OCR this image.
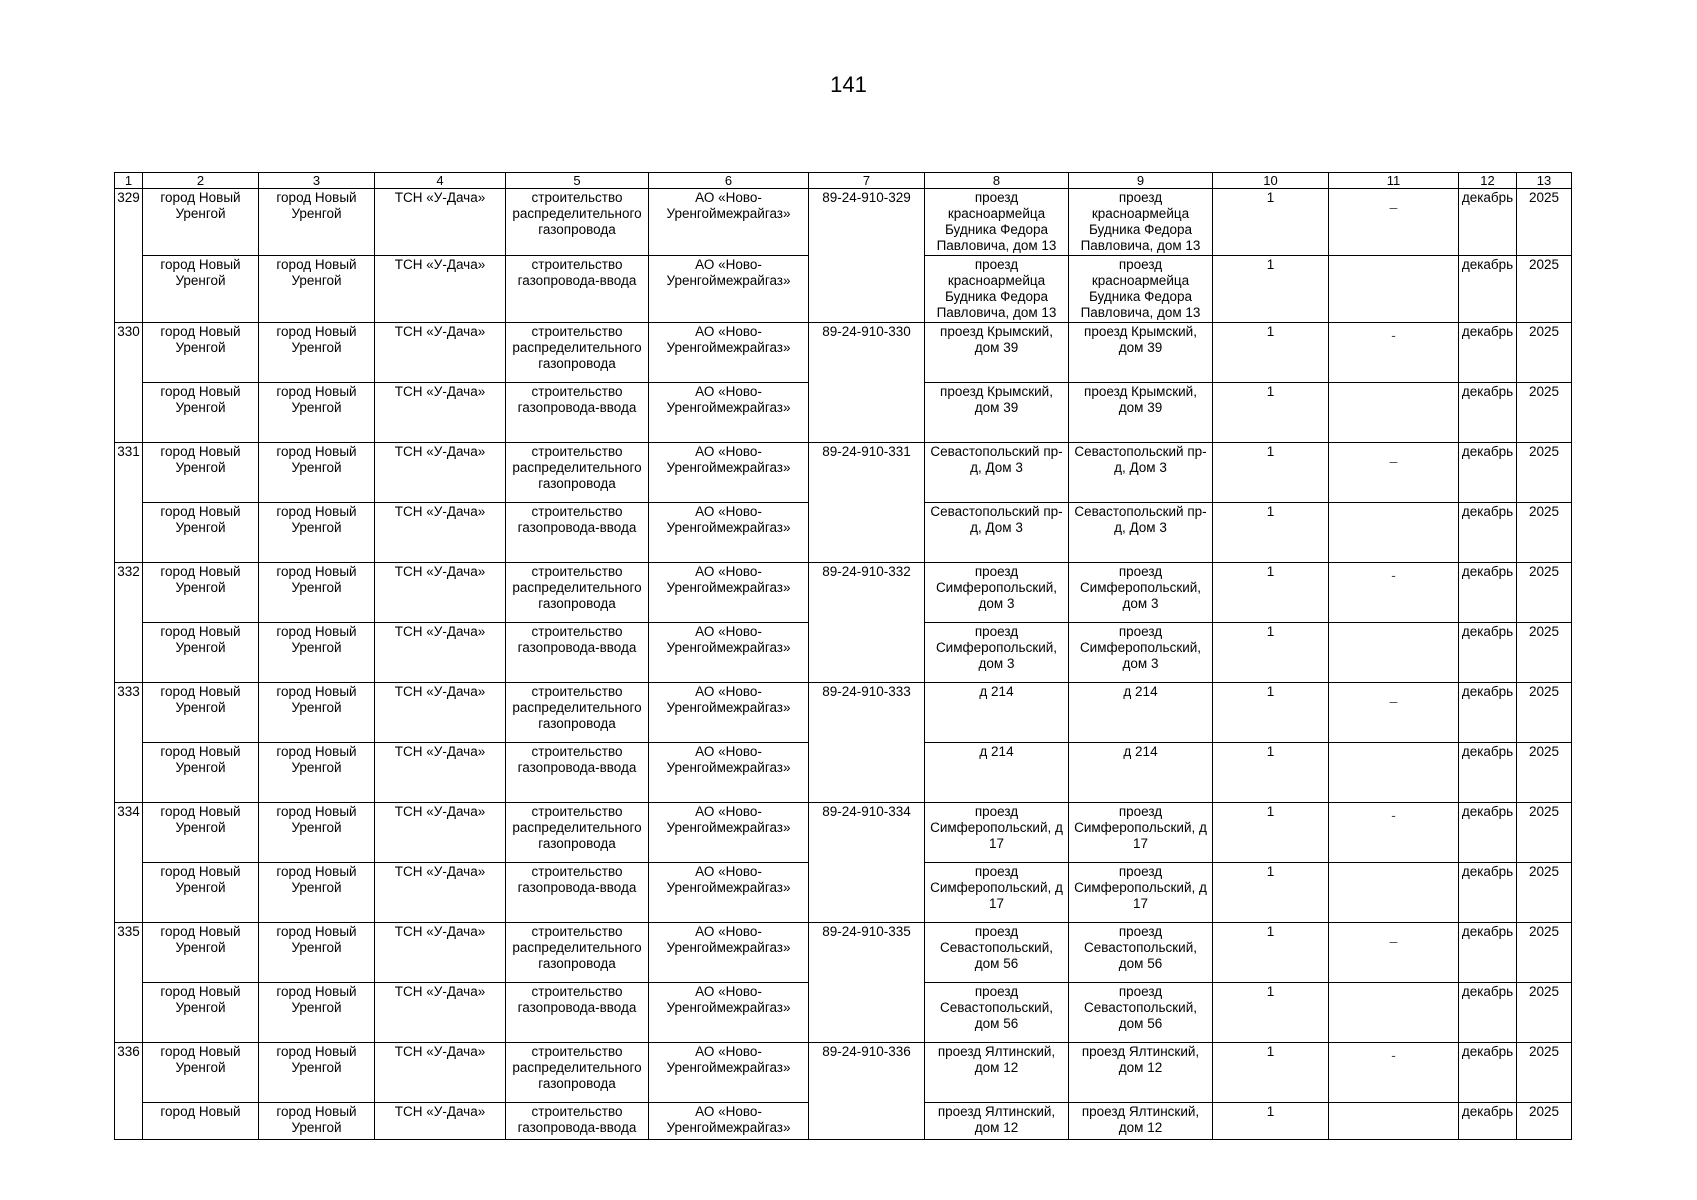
141
1	2	3	4	5	6	7	8	9	10	11	12	13
329	город Новый Уренгой	город Новый Уренгой	ТСН «У-Дача»	строительство распределительного газопровода	АО «Ново-Уренгоймежрайгаз»	89-24-910-329	проезд красноармейца Будника Федора Павловича, дом 13	проезд красноармейца Будника Федора Павловича, дом 13	1	_	декабрь	2025
	город Новый Уренгой	город Новый Уренгой	ТСН «У-Дача»	строительство газопровода-ввода	АО «Ново-Уренгоймежрайгаз»		проезд красноармейца Будника Федора Павловича, дом 13	проезд красноармейца Будника Федора Павловича, дом 13	1		декабрь	2025
330	город Новый Уренгой	город Новый Уренгой	ТСН «У-Дача»	строительство распределительного газопровода	АО «Ново-Уренгоймежрайгаз»	89-24-910-330	проезд Крымский, дом 39	проезд Крымский, дом 39	1	-	декабрь	2025
	город Новый Уренгой	город Новый Уренгой	ТСН «У-Дача»	строительство газопровода-ввода	АО «Ново-Уренгоймежрайгаз»		проезд Крымский, дом 39	проезд Крымский, дом 39	1		декабрь	2025
331	город Новый Уренгой	город Новый Уренгой	ТСН «У-Дача»	строительство распределительного газопровода	АО «Ново-Уренгоймежрайгаз»	89-24-910-331	Севастопольский пр-д, Дом 3	Севастопольский пр-д, Дом 3	1	_	декабрь	2025
	город Новый Уренгой	город Новый Уренгой	ТСН «У-Дача»	строительство газопровода-ввода	АО «Ново-Уренгоймежрайгаз»		Севастопольский пр-д, Дом 3	Севастопольский пр-д, Дом 3	1		декабрь	2025
332	город Новый Уренгой	город Новый Уренгой	ТСН «У-Дача»	строительство распределительного газопровода	АО «Ново-Уренгоймежрайгаз»	89-24-910-332	проезд Симферопольский, дом 3	проезд Симферопольский, дом 3	1	-	декабрь	2025
	город Новый Уренгой	город Новый Уренгой	ТСН «У-Дача»	строительство газопровода-ввода	АО «Ново-Уренгоймежрайгаз»		проезд Симферопольский, дом 3	проезд Симферопольский, дом 3	1		декабрь	2025
333	город Новый Уренгой	город Новый Уренгой	ТСН «У-Дача»	строительство распределительного газопровода	АО «Ново-Уренгоймежрайгаз»	89-24-910-333	д 214	д 214	1	_	декабрь	2025
	город Новый Уренгой	город Новый Уренгой	ТСН «У-Дача»	строительство газопровода-ввода	АО «Ново-Уренгоймежрайгаз»		д 214	д 214	1		декабрь	2025
334	город Новый Уренгой	город Новый Уренгой	ТСН «У-Дача»	строительство распределительного газопровода	АО «Ново-Уренгоймежрайгаз»	89-24-910-334	проезд Симферопольский, д 17	проезд Симферопольский, д 17	1	-	декабрь	2025
	город Новый Уренгой	город Новый Уренгой	ТСН «У-Дача»	строительство газопровода-ввода	АО «Ново-Уренгоймежрайгаз»		проезд Симферопольский, д 17	проезд Симферопольский, д 17	1		декабрь	2025
335	город Новый Уренгой	город Новый Уренгой	ТСН «У-Дача»	строительство распределительного газопровода	АО «Ново-Уренгоймежрайгаз»	89-24-910-335	проезд Севастопольский, дом 56	проезд Севастопольский, дом 56	1	_	декабрь	2025
	город Новый Уренгой	город Новый Уренгой	ТСН «У-Дача»	строительство газопровода-ввода	АО «Ново-Уренгоймежрайгаз»		проезд Севастопольский, дом 56	проезд Севастопольский, дом 56	1		декабрь	2025
336	город Новый Уренгой	город Новый Уренгой	ТСН «У-Дача»	строительство распределительного газопровода	АО «Ново-Уренгоймежрайгаз»	89-24-910-336	проезд Ялтинский, дом 12	проезд Ялтинский, дом 12	1	-	декабрь	2025
	город Новый	город Новый Уренгой	ТСН «У-Дача»	строительство газопровода-ввода	АО «Ново-Уренгоймежрайгаз»		проезд Ялтинский, дом 12	проезд Ялтинский, дом 12	1		декабрь	2025
